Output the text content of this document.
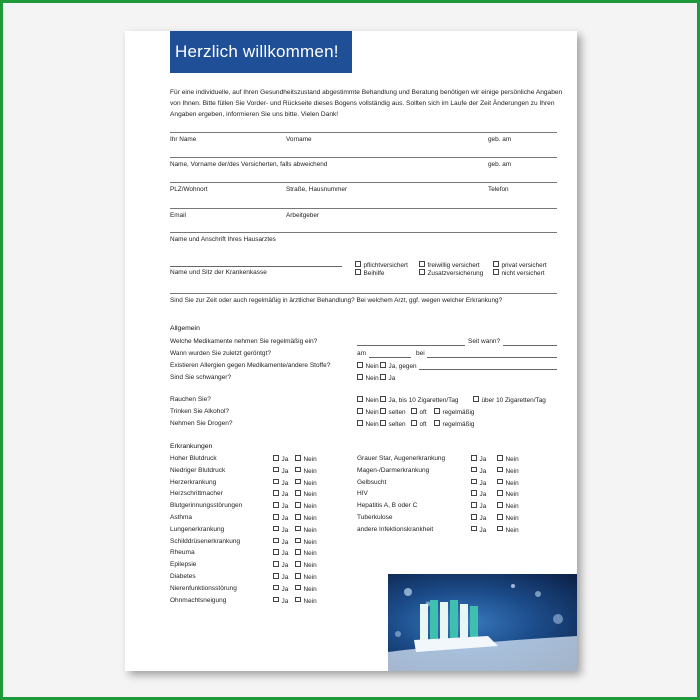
Herzlich willkommen!
Für eine individuelle, auf Ihren Gesundheitszustand abgestimmte Behandlung und Beratung benötigen wir einige persönliche Angaben von Ihnen. Bitte füllen Sie Vorder- und Rückseite dieses Bogens vollständig aus. Sollten sich im Laufe der Zeit Änderungen zu Ihren Angaben ergeben, informieren Sie uns bitte. Vielen Dank!
Ihr Name	Vorname	geb. am
Name, Vorname der/des Versicherten, falls abweichend	geb. am
PLZ/Wohnort	Straße, Hausnummer	Telefon
Email	Arbeitgeber
Name und Anschrift Ihres Hausarztes
Name und Sitz der Krankenkasse
pflichtversichert	freiwillig versichert	privat versichert
Beihilfe	Zusatzversicherung	nicht versichert
Sind Sie zur Zeit oder auch regelmäßig in ärztlicher Behandlung? Bei welchem Arzt, ggf. wegen welcher Erkrankung?
Allgemein
Welche Medikamente nehmen Sie regelmäßig ein?	Seit wann?
Wann wurden Sie zuletzt geröntgt?	am	bei
Existieren Allergien gegen Medikamente/andere Stoffe?	Nein	Ja, gegen
Sind Sie schwanger?	Nein	Ja
Rauchen Sie?	Nein	Ja, bis 10 Zigaretten/Tag	über 10 Zigaretten/Tag
Trinken Sie Alkohol?	Nein	selten	oft	regelmäßig
Nehmen Sie Drogen?	Nein	selten	oft	regelmäßig
Erkrankungen
Hoher Blutdruck	Ja	Nein
Niedriger Blutdruck	Ja	Nein
Herzerkrankung	Ja	Nein
Herzschrittmacher	Ja	Nein
Blutgerinnungsstörungen	Ja	Nein
Asthma	Ja	Nein
Lungenerkrankung	Ja	Nein
Schilddrüsenerkrankung	Ja	Nein
Rheuma	Ja	Nein
Epilepsie	Ja	Nein
Diabetes	Ja	Nein
Nierenfunktionsstörung	Ja	Nein
Ohnmachtsneigung	Ja	Nein
Grauer Star, Augenerkrankung	Ja	Nein
Magen-/Darmerkrankung	Ja	Nein
Gelbsucht	Ja	Nein
HIV	Ja	Nein
Hepatitis A, B oder C	Ja	Nein
Tuberkulose	Ja	Nein
andere Infektionskrankheit	Ja	Nein
